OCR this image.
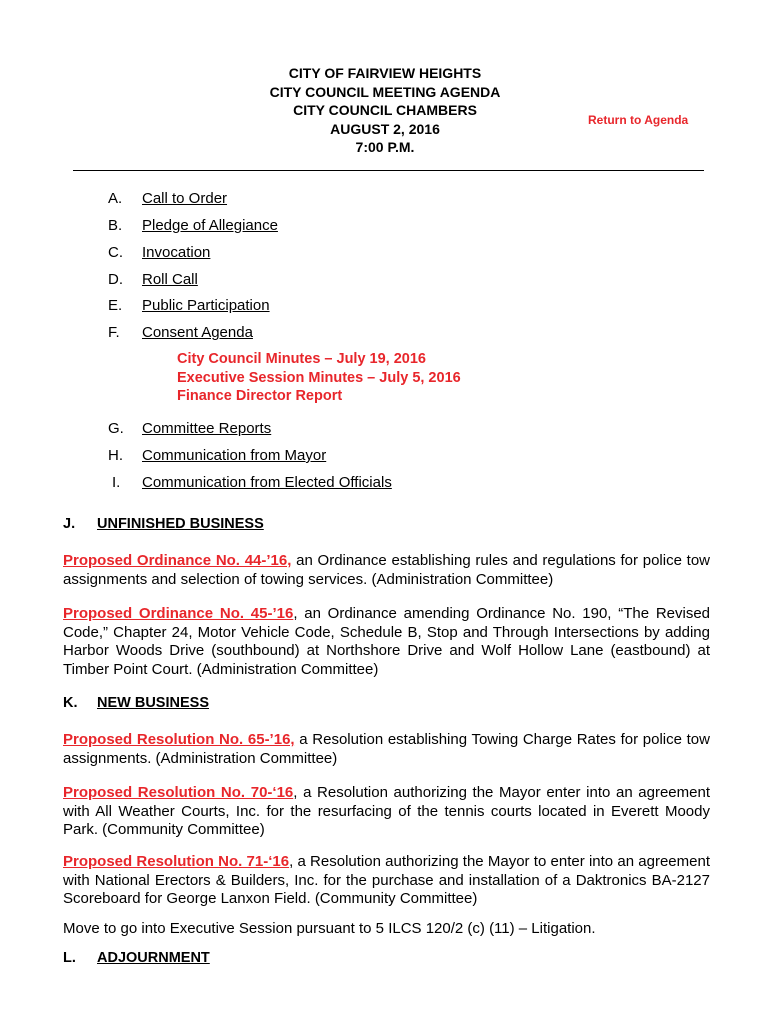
CITY OF FAIRVIEW HEIGHTS
CITY COUNCIL MEETING AGENDA
CITY COUNCIL CHAMBERS
AUGUST 2, 2016
7:00 P.M.
Return to Agenda
A. Call to Order
B. Pledge of Allegiance
C. Invocation
D. Roll Call
E. Public Participation
F. Consent Agenda
City Council Minutes – July 19, 2016
Executive Session Minutes – July 5, 2016
Finance Director Report
G. Committee Reports
H. Communication from Mayor
I. Communication from Elected Officials
J. UNFINISHED BUSINESS
Proposed Ordinance No. 44-’16, an Ordinance establishing rules and regulations for police tow assignments and selection of towing services. (Administration Committee)
Proposed Ordinance No. 45-’16, an Ordinance amending Ordinance No. 190, “The Revised Code,” Chapter 24, Motor Vehicle Code, Schedule B, Stop and Through Intersections by adding Harbor Woods Drive (southbound) at Northshore Drive and Wolf Hollow Lane (eastbound) at Timber Point Court. (Administration Committee)
K. NEW BUSINESS
Proposed Resolution No. 65-’16, a Resolution establishing Towing Charge Rates for police tow assignments. (Administration Committee)
Proposed Resolution No. 70-‘16, a Resolution authorizing the Mayor enter into an agreement with All Weather Courts, Inc. for the resurfacing of the tennis courts located in Everett Moody Park. (Community Committee)
Proposed Resolution No. 71-‘16, a Resolution authorizing the Mayor to enter into an agreement with National Erectors & Builders, Inc. for the purchase and installation of a Daktronics BA-2127 Scoreboard for George Lanxon Field. (Community Committee)
Move to go into Executive Session pursuant to 5 ILCS 120/2 (c) (11) – Litigation.
L. ADJOURNMENT
